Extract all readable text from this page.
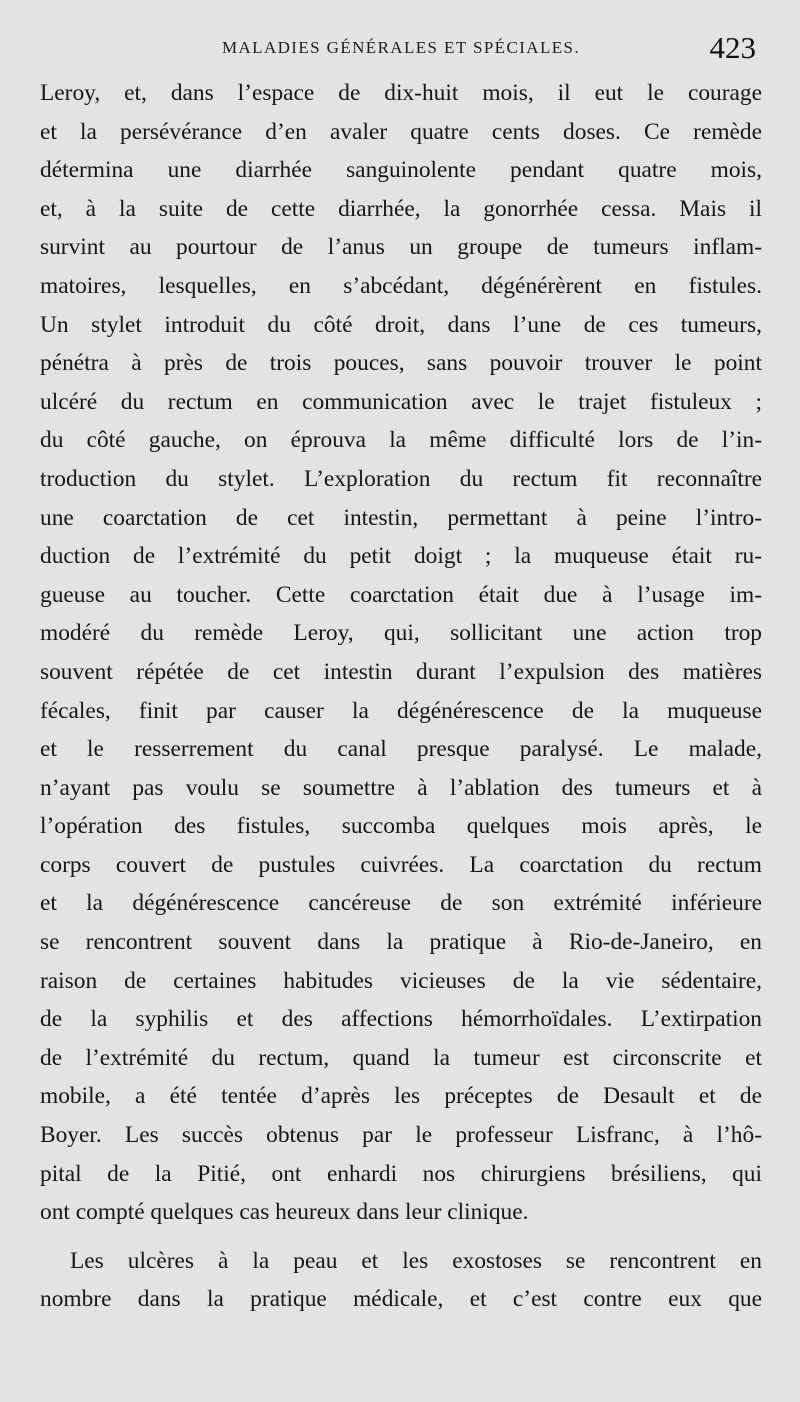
MALADIES GÉNÉRALES ET SPÉCIALES.	423
Leroy, et, dans l’espace de dix-huit mois, il eut le courage
et la persévérance d’en avaler quatre cents doses. Ce remède
détermina une diarrhée sanguinolente pendant quatre mois,
et, à la suite de cette diarrhée, la gonorrhée cessa. Mais il
survint au pourtour de l’anus un groupe de tumeurs inflam-
matoires, lesquelles, en s’abcédant, dégénérèrent en fistules.
Un stylet introduit du côté droit, dans l’une de ces tumeurs,
pénétra à près de trois pouces, sans pouvoir trouver le point
ulcéré du rectum en communication avec le trajet fistuleux ;
du côté gauche, on éprouva la même difficulté lors de l’in-
troduction du stylet. L’exploration du rectum fit reconnaître
une coarctation de cet intestin, permettant à peine l’intro-
duction de l’extrémité du petit doigt ; la muqueuse était ru-
gueuse au toucher. Cette coarctation était due à l’usage im-
modéré du remède Leroy, qui, sollicitant une action trop
souvent répétée de cet intestin durant l’expulsion des matières
fécales, finit par causer la dégénérescence de la muqueuse
et le resserrement du canal presque paralysé. Le malade,
n’ayant pas voulu se soumettre à l’ablation des tumeurs et à
l’opération des fistules, succomba quelques mois après, le
corps couvert de pustules cuivrées. La coarctation du rectum
et la dégénérescence cancéreuse de son extrémité inférieure
se rencontrent souvent dans la pratique à Rio-de-Janeiro, en
raison de certaines habitudes vicieuses de la vie sédentaire,
de la syphilis et des affections hémorrhoïdales. L’extirpation
de l’extrémité du rectum, quand la tumeur est circonscrite et
mobile, a été tentée d’après les préceptes de Desault et de
Boyer. Les succès obtenus par le professeur Lisfranc, à l’hô-
pital de la Pitié, ont enhardi nos chirurgiens brésiliens, qui
ont compté quelques cas heureux dans leur clinique.
Les ulcères à la peau et les exostoses se rencontrent en
nombre dans la pratique médicale, et c’est contre eux que
